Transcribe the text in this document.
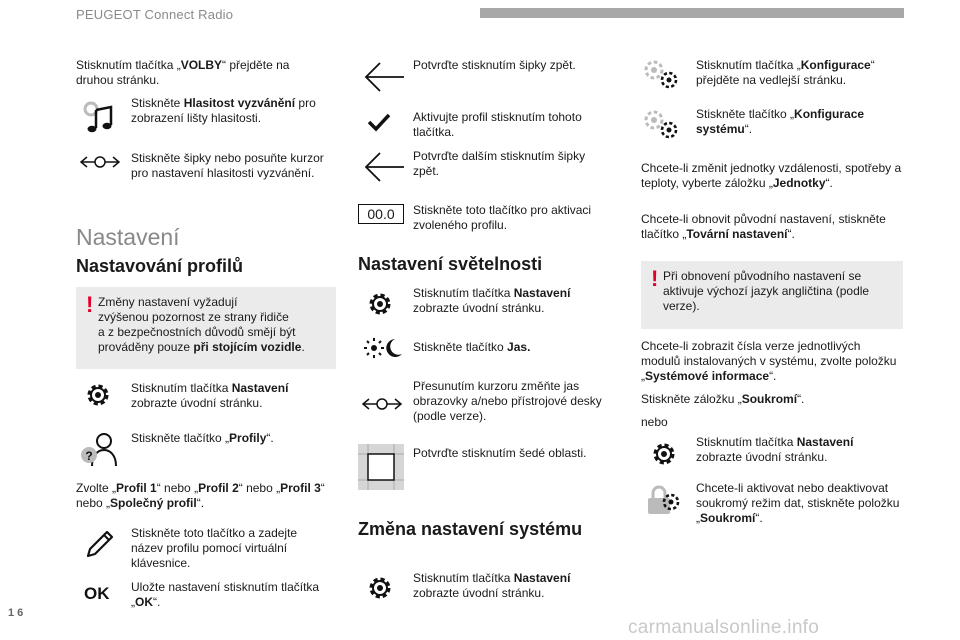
PEUGEOT Connect Radio
16
carmanualsonline.info
Stisknutím tlačítka „VOLBY“ přejděte na druhou stránku.
Stiskněte Hlasitost vyzvánění pro zobrazení lišty hlasitosti.
Stiskněte šipky nebo posuňte kurzor pro nastavení hlasitosti vyzvánění.
Nastavení
Nastavování profilů
! Změny nastavení vyžadují
zvýšenou pozornost ze strany řidiče
a z bezpečnostních důvodů smějí být
prováděny pouze při stojícím vozidle.
Stisknutím tlačítka Nastavení zobrazte úvodní stránku.
?
Stiskněte tlačítko „Profily“.
Zvolte „Profil 1“ nebo „Profil 2“ nebo „Profil 3“
nebo „Společný profil“.
Stiskněte toto tlačítko a zadejte název profilu pomocí virtuální klávesnice.
OK Uložte nastavení stisknutím tlačítka „OK“.
Potvrďte stisknutím šipky zpět.
Aktivujte profil stisknutím tohoto tlačítka.
Potvrďte dalším stisknutím šipky zpět.
00.0	Stiskněte toto tlačítko pro aktivaci zvoleného profilu.
Nastavení světelnosti
Stisknutím tlačítka Nastavení zobrazte úvodní stránku.
Stiskněte tlačítko Jas.
Přesunutím kurzoru změňte jas obrazovky a/nebo přístrojové desky (podle verze).
Potvrďte stisknutím šedé oblasti.
Změna nastavení systému
Stisknutím tlačítka Nastavení zobrazte úvodní stránku.
Stisknutím tlačítka „Konfigurace“ přejděte na vedlejší stránku.
Stiskněte tlačítko „Konfigurace systému“.
Chcete-li změnit jednotky vzdálenosti, spotřeby a teploty, vyberte záložku „Jednotky“.
Chcete-li obnovit původní nastavení, stiskněte tlačítko „Tovární nastavení“.
! Při obnovení původního nastavení se aktivuje výchozí jazyk angličtina (podle verze).
Chcete-li zobrazit čísla verze jednotlivých modulů instalovaných v systému, zvolte položku „Systémové informace“.
Stiskněte záložku „Soukromí“.
nebo
Stisknutím tlačítka Nastavení zobrazte úvodní stránku.
Chcete-li aktivovat nebo deaktivovat soukromý režim dat, stiskněte položku „Soukromí“.
